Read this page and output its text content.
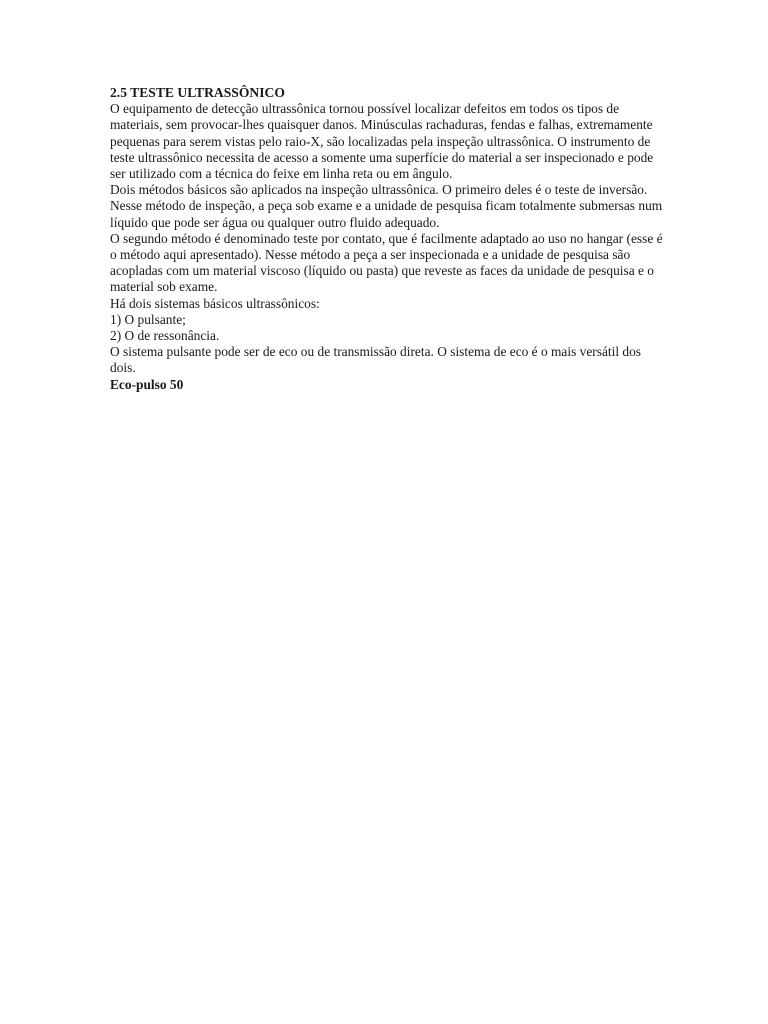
2.5 TESTE ULTRASSÔNICO

O equipamento de detecção ultrassônica tornou possível localizar defeitos em todos os tipos de materiais, sem provocar-lhes quaisquer danos. Minúsculas rachaduras, fendas e falhas, extremamente pequenas para serem vistas pelo raio-X, são localizadas pela inspeção ultrassônica. O instrumento de teste ultrassônico necessita de acesso a somente uma superfície do material a ser inspecionado e pode ser utilizado com a técnica do feixe em linha reta ou em ângulo.

Dois métodos básicos são aplicados na inspeção ultrassônica. O primeiro deles é o teste de inversão. Nesse método de inspeção, a peça sob exame e a unidade de pesquisa ficam totalmente submersas num líquido que pode ser água ou qualquer outro fluido adequado.

O segundo método é denominado teste por contato, que é facilmente adaptado ao uso no hangar (esse é o método aqui apresentado). Nesse método a peça a ser inspecionada e a unidade de pesquisa são acopladas com um material viscoso (líquido ou pasta) que reveste as faces da unidade de pesquisa e o material sob exame.

Há dois sistemas básicos ultrassônicos:

1) O pulsante;

2) O de ressonância.

O sistema pulsante pode ser de eco ou de transmissão direta. O sistema de eco é o mais versátil dos dois.

Eco-pulso 50
